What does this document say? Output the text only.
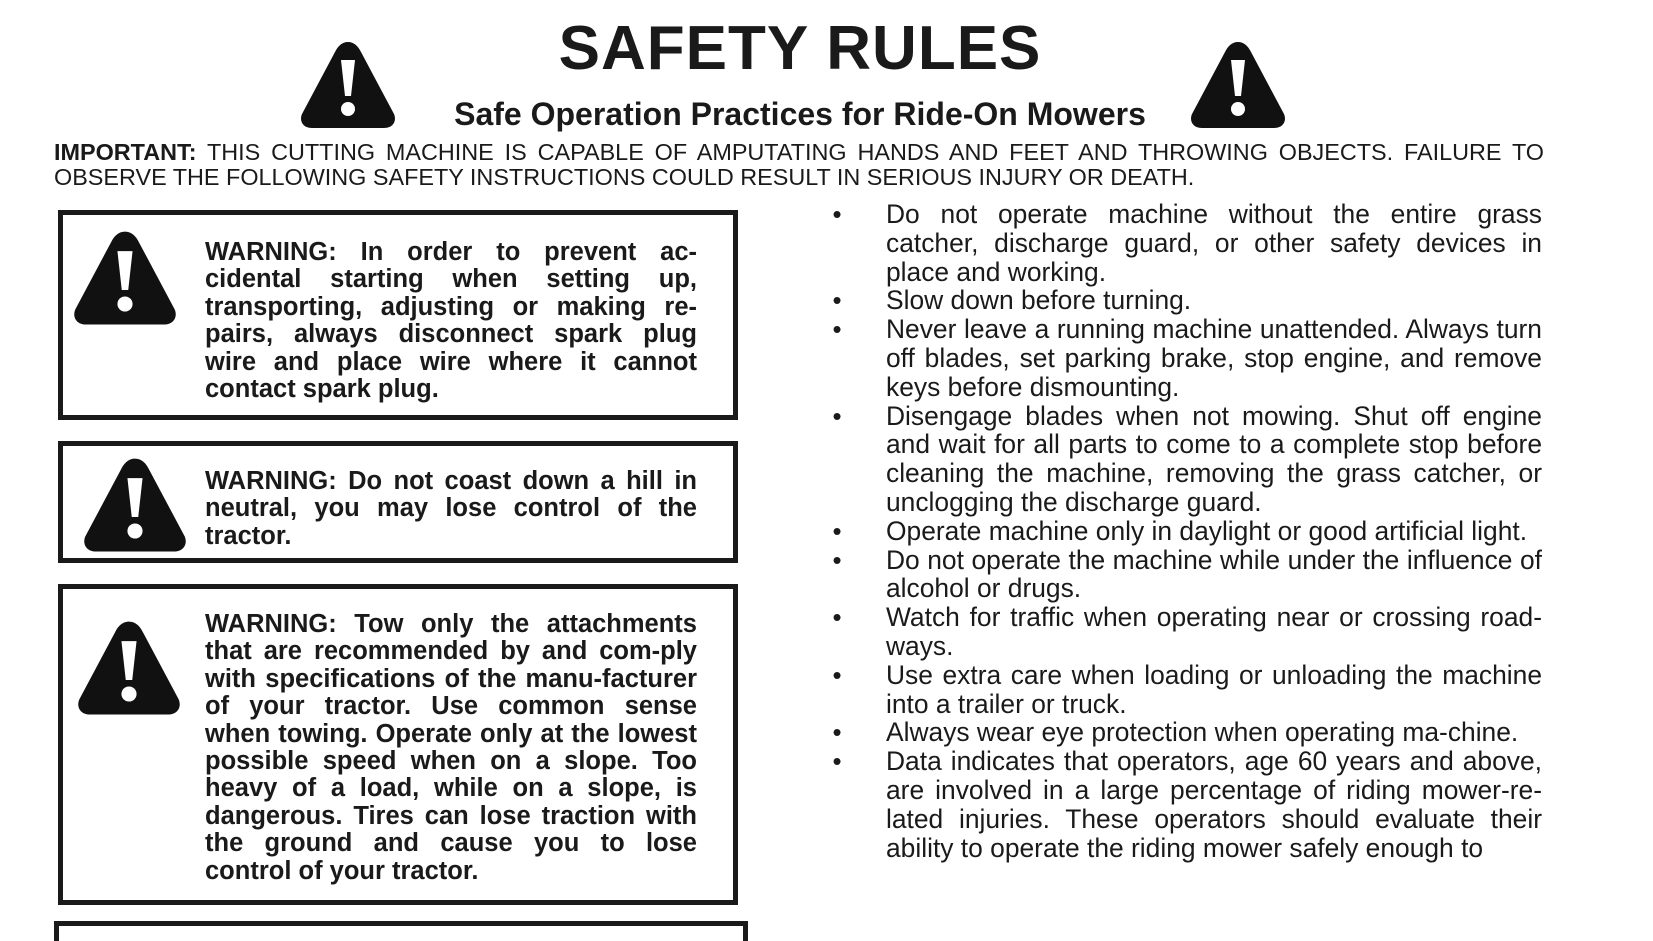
SAFETY RULES
Safe Operation Practices for Ride-On Mowers
IMPORTANT: THIS CUTTING MACHINE IS CAPABLE OF AMPUTATING HANDS AND FEET AND THROWING OBJECTS. FAILURE TO OBSERVE THE FOLLOWING SAFETY INSTRUCTIONS COULD RESULT IN SERIOUS INJURY OR DEATH.
WARNING: In order to prevent ac-cidental starting when setting up, transporting, adjusting or making re-pairs, always disconnect spark plug wire and place wire where it cannot contact spark plug.
WARNING: Do not coast down a hill in neutral, you may lose control of the tractor.
WARNING: Tow only the attachments that are recommended by and com-ply with specifications of the manu-facturer of your tractor. Use common sense when towing. Operate only at the lowest possible speed when on a slope. Too heavy of a load, while on a slope, is dangerous. Tires can lose traction with the ground and cause you to lose control of your tractor.
• Do not operate machine without the entire grass catcher, discharge guard, or other safety devices in place and working.
• Slow down before turning.
• Never leave a running machine unattended. Always turn off blades, set parking brake, stop engine, and remove keys before dismounting.
• Disengage blades when not mowing. Shut off engine and wait for all parts to come to a complete stop before cleaning the machine, removing the grass catcher, or unclogging the discharge guard.
• Operate machine only in daylight or good artificial light.
• Do not operate the machine while under the influence of alcohol or drugs.
• Watch for traffic when operating near or crossing road-ways.
• Use extra care when loading or unloading the machine into a trailer or truck.
• Always wear eye protection when operating ma-chine.
• Data indicates that operators, age 60 years and above, are involved in a large percentage of riding mower-re-lated injuries. These operators should evaluate their ability to operate the riding mower safely enough to
